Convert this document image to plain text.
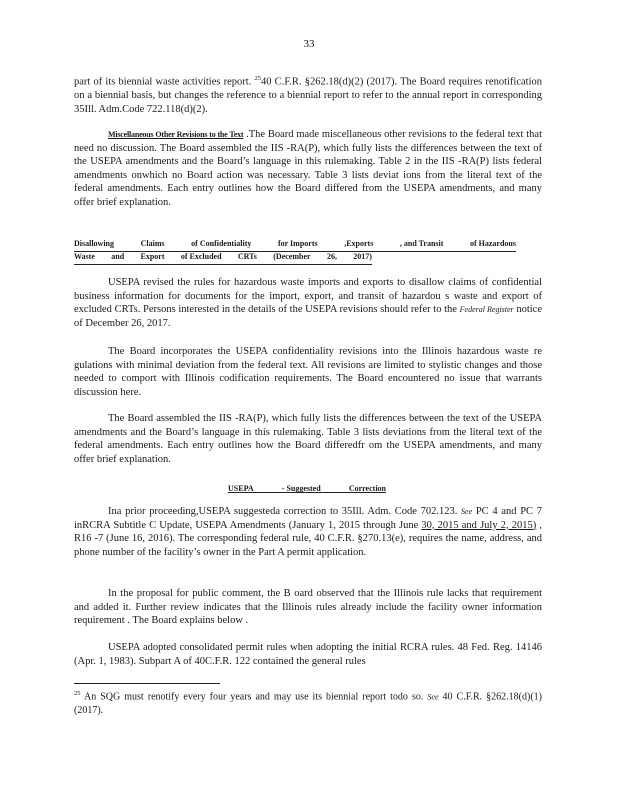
33
part of its biennial waste activities report. $^{25}$40 C.F.R. §262.18(d)(2) (2017). The Board requires renotification on a biennial basis, but changes the reference to a biennial report to refer to the annual report in corresponding 35Ill. Adm.Code 722.118(d)(2).
Miscellaneous Other Revisions to the Text .The Board made miscellaneous other revisions to the federal text that need no discussion. The Board assembled the IIS -RA(P), which fully lists the differences between the text of the USEPA amendments and the Board’s language in this rulemaking. Table 2 in the IIS -RA(P) lists federal amendments onwhich no Board action was necessary. Table 3 lists deviat ions from the literal text of the federal amendments. Each entry outlines how the Board differed from the USEPA amendments, and many offer brief explanation.
Disallowing	Claims	of Confidentiality	for Imports	,Exports	, and Transit	of Hazardous
Waste and Export of Excluded CRTs (December 26, 2017)
USEPA revised the rules for hazardous waste imports and exports to disallow claims of confidential business information for documents for the import, export, and transit of hazardou s waste and export of excluded CRTs. Persons interested in the details of the USEPA revisions should refer to the Federal Register notice of December 26, 2017.
The Board incorporates the USEPA confidentiality revisions into the Illinois hazardous waste re gulations with minimal deviation from the federal text. All revisions are limited to stylistic changes and those needed to comport with Illinois codification requirements. The Board encountered no issue that warrants discussion here.
The Board assembled the IIS -RA(P), which fully lists the differences between the text of the USEPA amendments and the Board’s language in this rulemaking. Table 3 lists deviations from the literal text of the federal amendments. Each entry outlines how the Board differedfr om the USEPA amendments, and many offer brief explanation.
USEPA	- Suggested	Correction
Ina prior proceeding,USEPA suggesteda correction to 35Ill. Adm. Code 702.123. See PC 4 and PC 7 inRCRA Subtitle C Update, USEPA Amendments (January 1, 2015 through June 30, 2015 and July 2, 2015) , R16 -7 (June 16, 2016). The corresponding federal rule, 40 C.F.R. §270.13(e), requires the name, address, and phone number of the facility’s owner in the Part A permit application.
In the proposal for public comment, the B oard observed that the Illinois rule lacks that requirement and added it. Further review indicates that the Illinois rules already include the facility owner information requirement . The Board explains below .
USEPA adopted consolidated permit rules when adopting the initial RCRA rules. 48 Fed. Reg. 14146 (Apr. 1, 1983). Subpart A of 40C.F.R. 122 contained the general rules
$^{25}$ An SQG must renotify every four years and may use its biennial report todo so. See 40 C.F.R. §262.18(d)(1) (2017).
